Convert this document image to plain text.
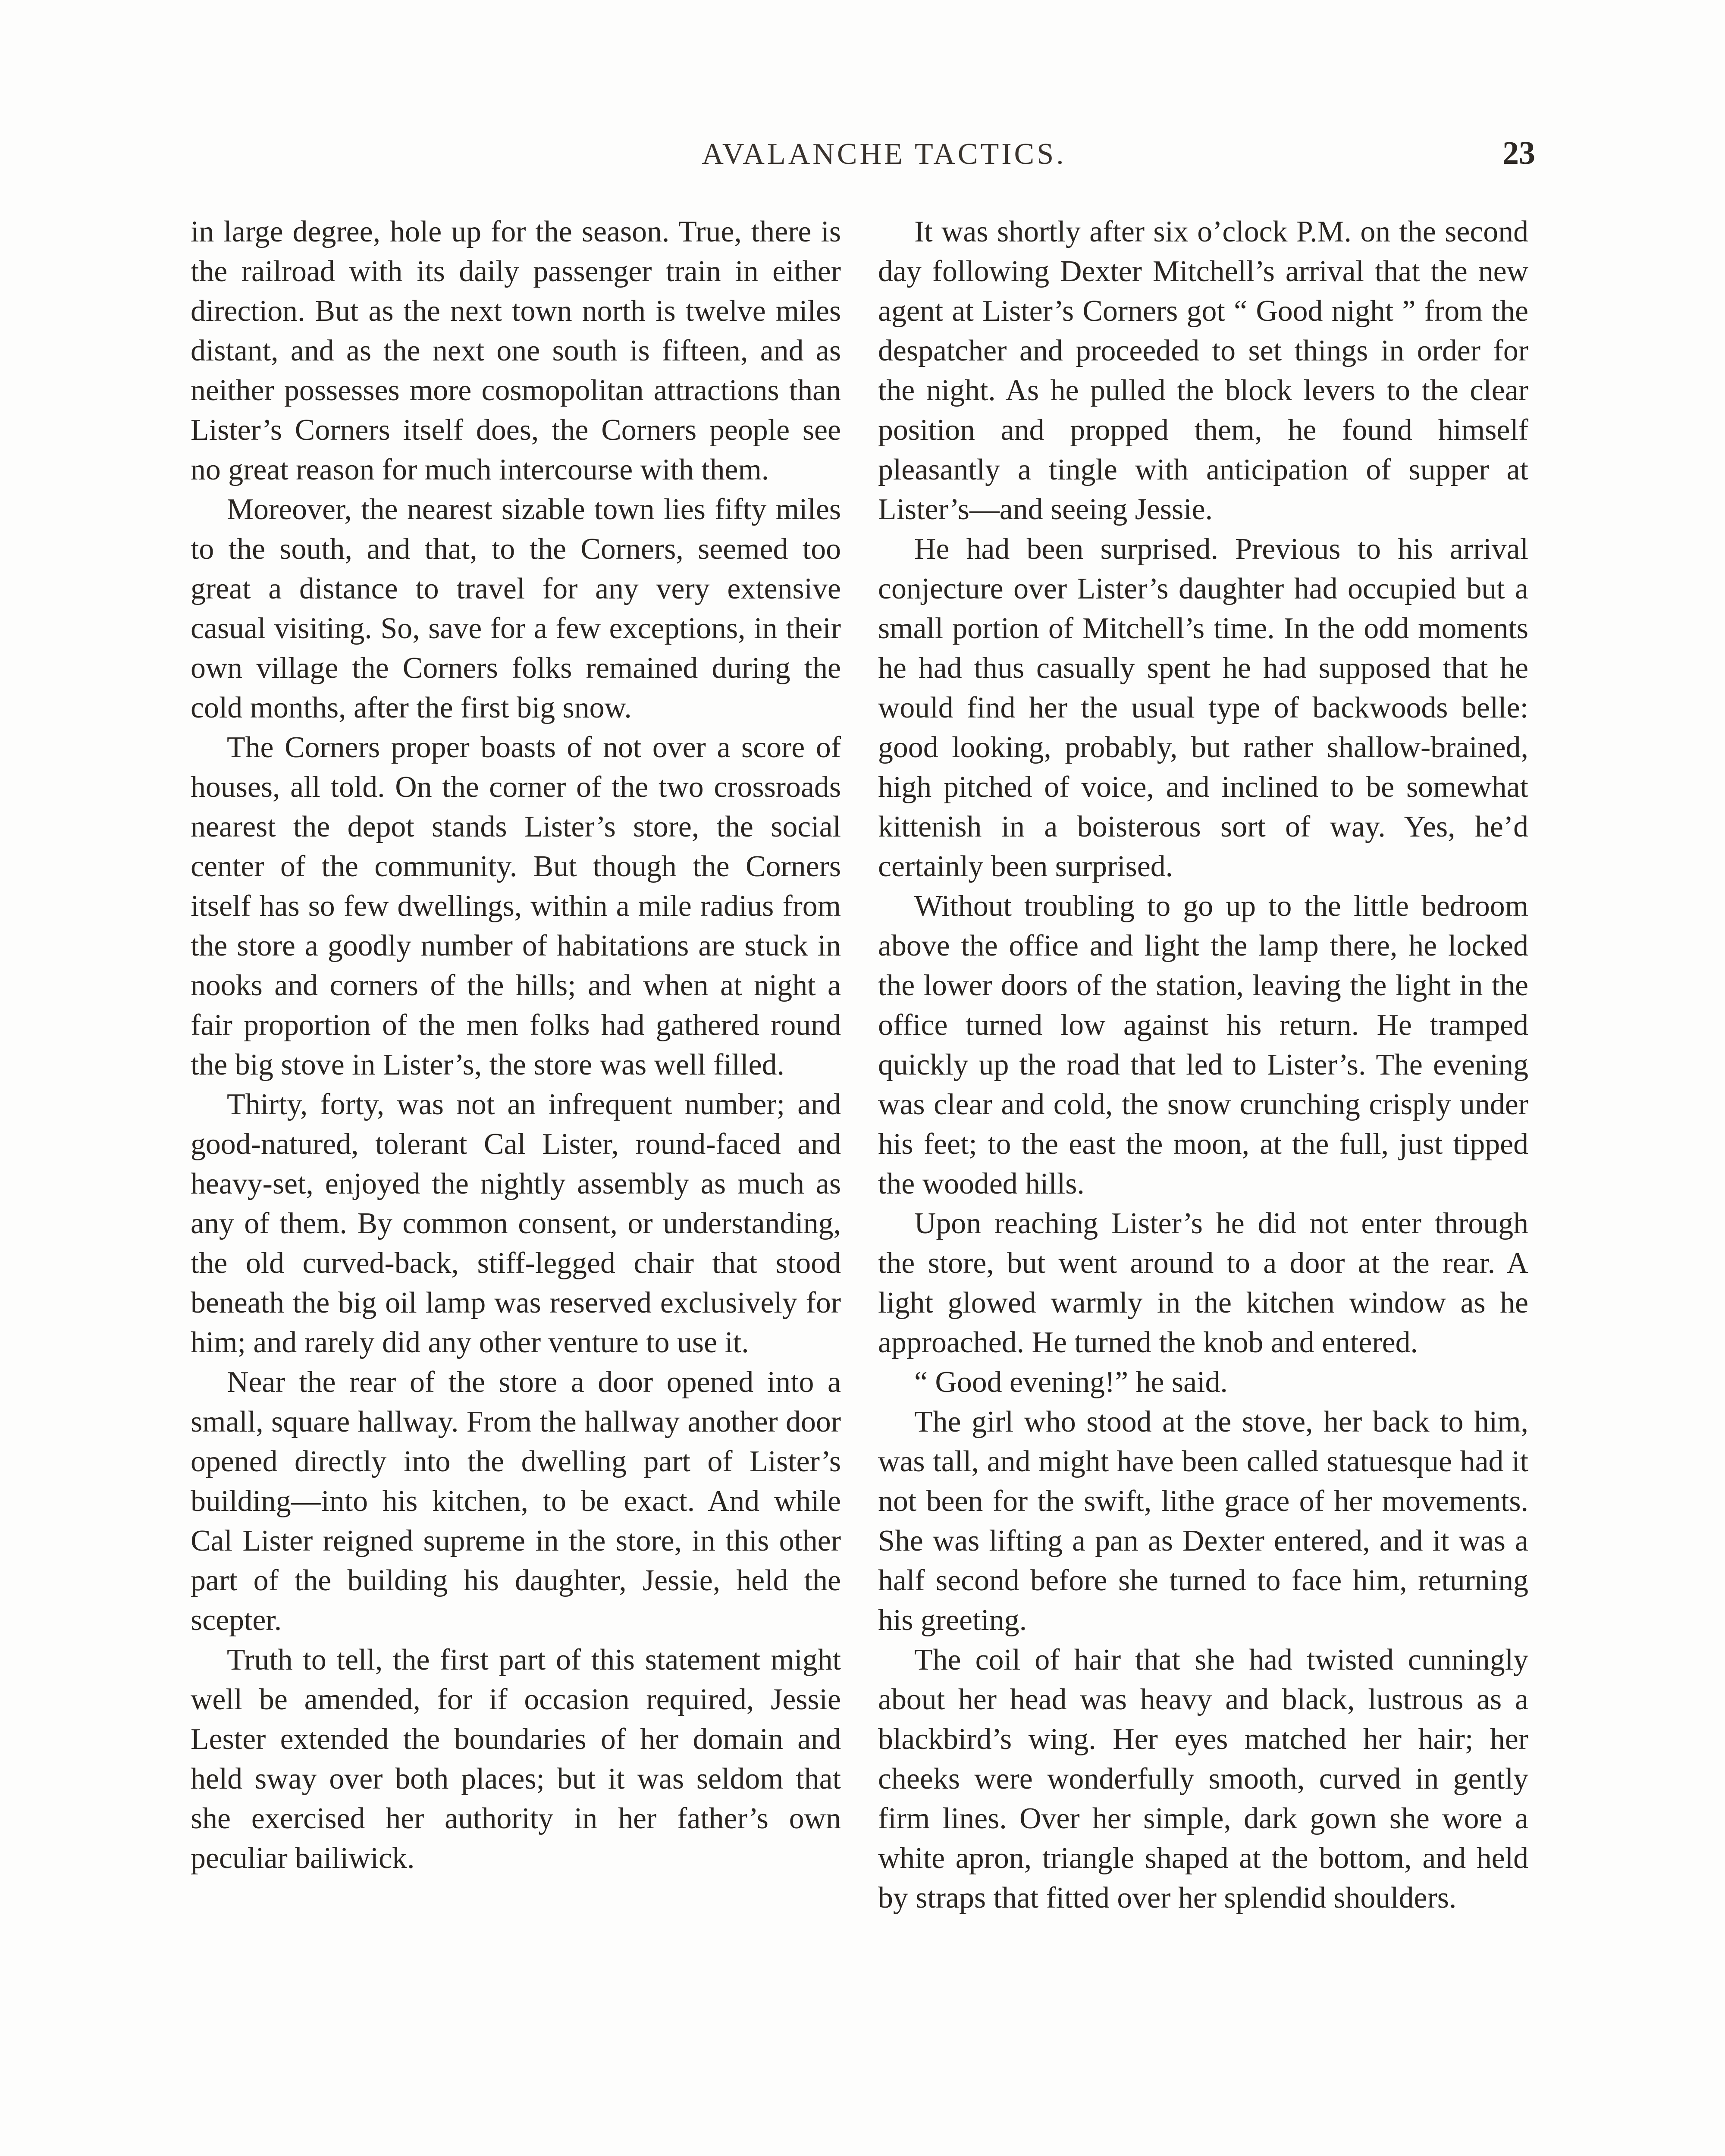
AVALANCHE TACTICS.	23

in large degree, hole up for the season. True, there is the railroad with its daily passenger train in either direction. But as the next town north is twelve miles distant, and as the next one south is fifteen, and as neither possesses more cosmopolitan attractions than Lister’s Corners itself does, the Corners people see no great reason for much intercourse with them.

Moreover, the nearest sizable town lies fifty miles to the south, and that, to the Corners, seemed too great a distance to travel for any very extensive casual visiting. So, save for a few exceptions, in their own village the Corners folks remained during the cold months, after the first big snow.

The Corners proper boasts of not over a score of houses, all told. On the corner of the two crossroads nearest the depot stands Lister’s store, the social center of the community. But though the Corners itself has so few dwellings, within a mile radius from the store a goodly number of habitations are stuck in nooks and corners of the hills; and when at night a fair proportion of the men folks had gathered round the big stove in Lister’s, the store was well filled.

Thirty, forty, was not an infrequent number; and good-natured, tolerant Cal Lister, round-faced and heavy-set, enjoyed the nightly assembly as much as any of them. By common consent, or understanding, the old curved-back, stiff-legged chair that stood beneath the big oil lamp was reserved exclusively for him; and rarely did any other venture to use it.

Near the rear of the store a door opened into a small, square hallway. From the hallway another door opened directly into the dwelling part of Lister’s building—into his kitchen, to be exact. And while Cal Lister reigned supreme in the store, in this other part of the building his daughter, Jessie, held the scepter.

Truth to tell, the first part of this statement might well be amended, for if occasion required, Jessie Lester extended the boundaries of her domain and held sway over both places; but it was seldom that she exercised her authority in her father’s own peculiar bailiwick.

It was shortly after six o’clock P.M. on the second day following Dexter Mitchell’s arrival that the new agent at Lister’s Corners got “ Good night ” from the despatcher and proceeded to set things in order for the night. As he pulled the block levers to the clear position and propped them, he found himself pleasantly a tingle with anticipation of supper at Lister’s—and seeing Jessie.

He had been surprised. Previous to his arrival conjecture over Lister’s daughter had occupied but a small portion of Mitchell’s time. In the odd moments he had thus casually spent he had supposed that he would find her the usual type of backwoods belle: good looking, probably, but rather shallow-brained, high pitched of voice, and inclined to be somewhat kittenish in a boisterous sort of way. Yes, he’d certainly been surprised.

Without troubling to go up to the little bedroom above the office and light the lamp there, he locked the lower doors of the station, leaving the light in the office turned low against his return. He tramped quickly up the road that led to Lister’s. The evening was clear and cold, the snow crunching crisply under his feet; to the east the moon, at the full, just tipped the wooded hills.

Upon reaching Lister’s he did not enter through the store, but went around to a door at the rear. A light glowed warmly in the kitchen window as he approached. He turned the knob and entered.

“ Good evening!” he said.

The girl who stood at the stove, her back to him, was tall, and might have been called statuesque had it not been for the swift, lithe grace of her movements. She was lifting a pan as Dexter entered, and it was a half second before she turned to face him, returning his greeting.

The coil of hair that she had twisted cunningly about her head was heavy and black, lustrous as a blackbird’s wing. Her eyes matched her hair; her cheeks were wonderfully smooth, curved in gently firm lines. Over her simple, dark gown she wore a white apron, triangle shaped at the bottom, and held by straps that fitted over her splendid shoulders.
